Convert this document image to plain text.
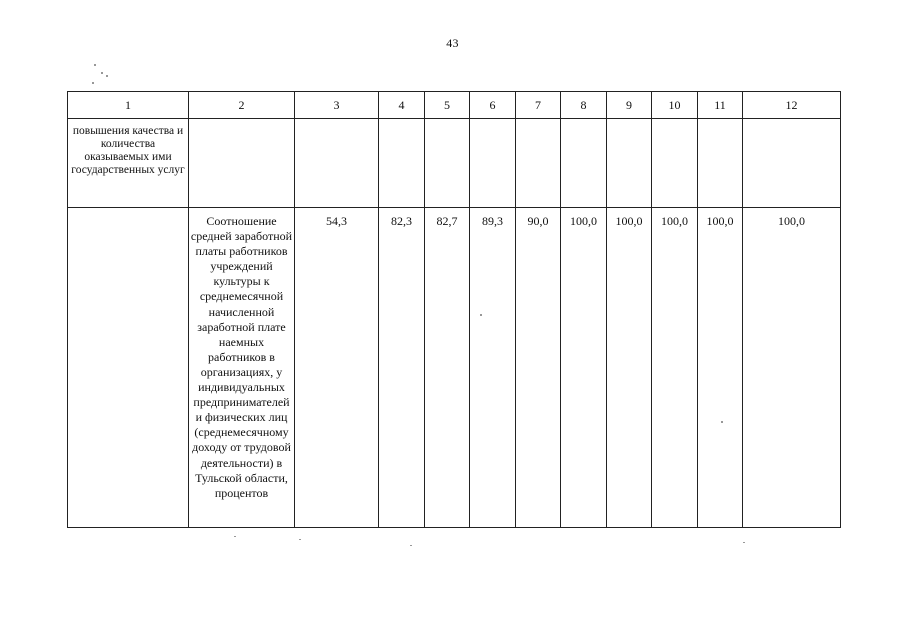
43
1	2	3	4	5	6	7	8	9	10	11	12

повышения качества и количества оказываемых ими государственных услуг											

	Соотношение средней заработной платы работников учреждений культуры к среднемесячной начисленной заработной плате наемных работников в организациях, у индивидуальных предпринимателей и физических лиц (среднемесячному доходу от трудовой деятельности) в Тульской области, процентов	54,3	82,3	82,7	89,3	90,0	100,0	100,0	100,0	100,0	100,0
